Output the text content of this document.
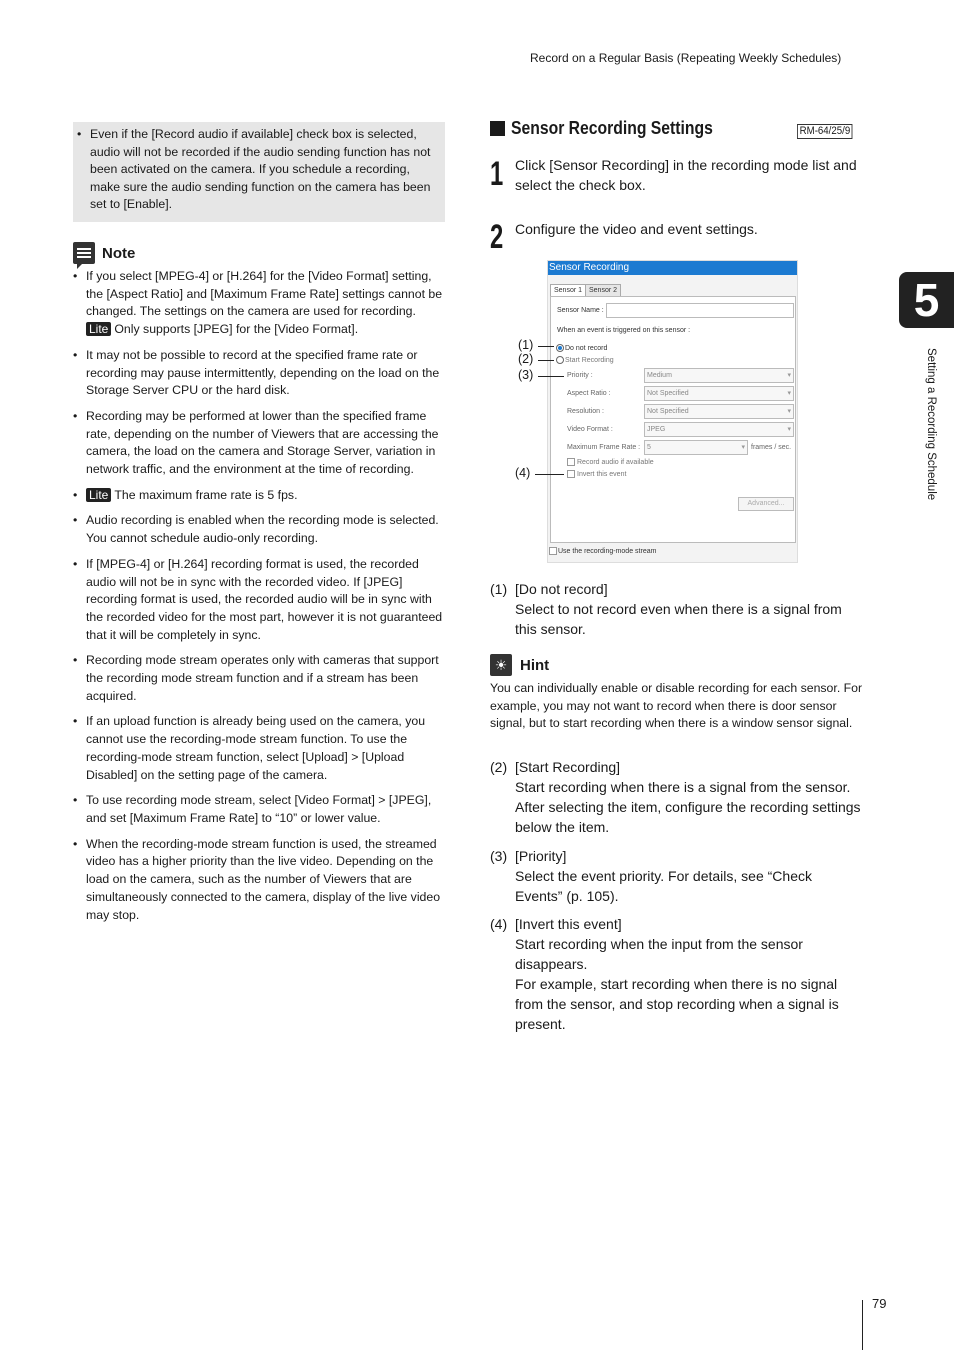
Record on a Regular Basis (Repeating Weekly Schedules)
• Even if the [Record audio if available] check box is selected, audio will not be recorded if the audio sending function has not been activated on the camera. If you schedule a recording, make sure the audio sending function on the camera has been set to [Enable].
Note
• If you select [MPEG-4] or [H.264] for the [Video Format] setting, the [Aspect Ratio] and [Maximum Frame Rate] settings cannot be changed. The settings on the camera are used for recording.
Lite Only supports [JPEG] for the [Video Format].
• It may not be possible to record at the specified frame rate or recording may pause intermittently, depending on the load on the Storage Server CPU or the hard disk.
• Recording may be performed at lower than the specified frame rate, depending on the number of Viewers that are accessing the camera, the load on the camera and Storage Server, variation in network traffic, and the environment at the time of recording.
• Lite The maximum frame rate is 5 fps.
• Audio recording is enabled when the recording mode is selected. You cannot schedule audio-only recording.
• If [MPEG-4] or [H.264] recording format is used, the recorded audio will not be in sync with the recorded video. If [JPEG] recording format is used, the recorded audio will be in sync with the recorded video for the most part, however it is not guaranteed that it will be completely in sync.
• Recording mode stream operates only with cameras that support the recording mode stream function and if a stream has been acquired.
• If an upload function is already being used on the camera, you cannot use the recording-mode stream function. To use the recording-mode stream function, select [Upload] > [Upload Disabled] on the setting page of the camera.
• To use recording mode stream, select [Video Format] > [JPEG], and set [Maximum Frame Rate] to “10” or lower value.
• When the recording-mode stream function is used, the streamed video has a higher priority than the live video. Depending on the load on the camera, such as the number of Viewers that are simultaneously connected to the camera, display of the live video may stop.
Sensor Recording Settings	RM-64/25/9
1 Click [Sensor Recording] in the recording mode list and select the check box.
2 Configure the video and event settings.
Sensor Recording
Sensor 1 Sensor 2
Sensor Name :
When an event is triggered on this sensor :
Do not record
Start Recording
Priority :	Medium ▾
Aspect Ratio :	Not Specified ▾
Resolution :	Not Specified ▾
Video Format :	JPEG ▾
Maximum Frame Rate : 5 ▾	frames / sec.
Record audio if available
Invert this event
Advanced...
Use the recording-mode stream
(1)
(2)
(3)
(4)
(1) [Do not record]
Select to not record even when there is a signal from this sensor.
☀ Hint
You can individually enable or disable recording for each sensor. For example, you may not want to record when there is door sensor signal, but to start recording when there is a window sensor signal.
(2) [Start Recording]
Start recording when there is a signal from the sensor. After selecting the item, configure the recording settings below the item.
(3) [Priority]
Select the event priority. For details, see “Check Events” (p. 105).
(4) [Invert this event]
Start recording when the input from the sensor disappears.
For example, start recording when there is no signal from the sensor, and stop recording when a signal is present.
5
Setting a Recording Schedule
79
